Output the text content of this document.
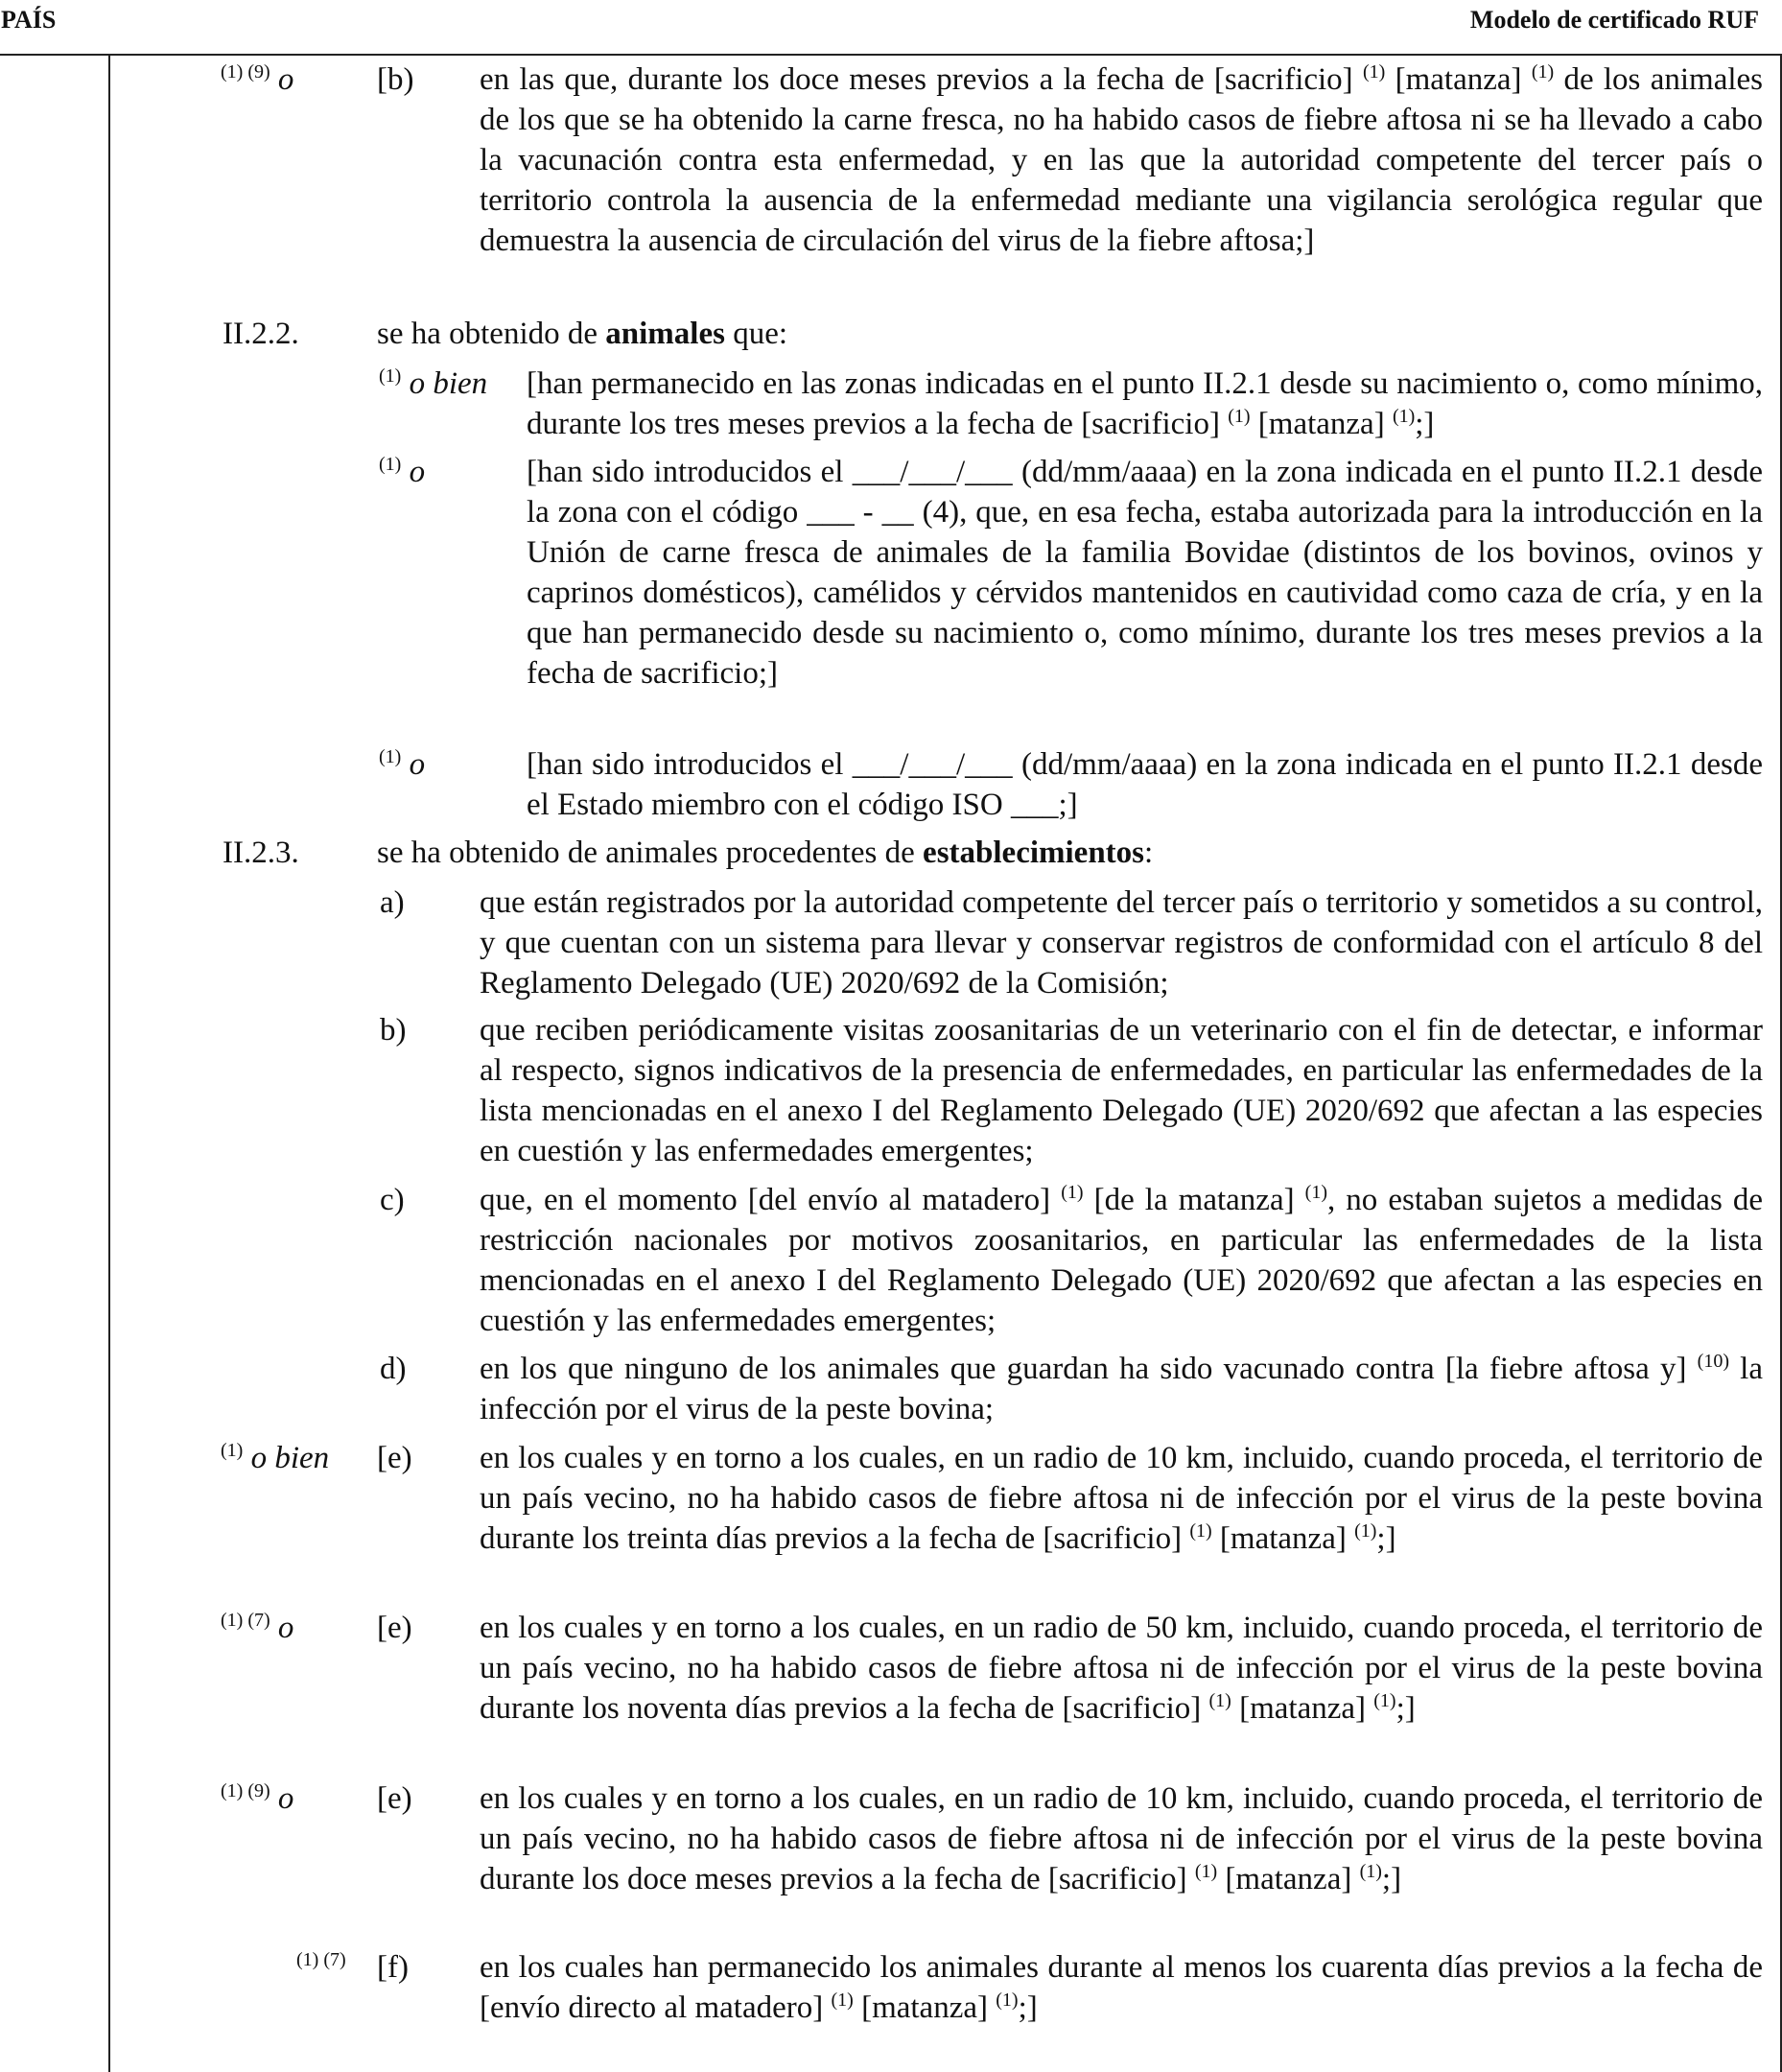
PAÍS	Modelo de certificado RUF
$^{(1) (9)}$ o	[b) en las que, durante los doce meses previos a la fecha de [sacrificio] $^{(1)}$ [matanza] $^{(1)}$ de los animales de los que se ha obtenido la carne fresca, no ha habido casos de fiebre aftosa ni se ha llevado a cabo la vacunación contra esta enfermedad, y en las que la autoridad competente del tercer país o territorio controla la ausencia de la enfermedad mediante una vigilancia serológica regular que demuestra la ausencia de circulación del virus de la fiebre aftosa;]
II.2.2. se ha obtenido de animales que:
$^{(1)}$ o bien [han permanecido en las zonas indicadas en el punto II.2.1 desde su nacimiento o, como mínimo, durante los tres meses previos a la fecha de [sacrificio] $^{(1)}$ [matanza] $^{(1)}$;]
$^{(1)}$ o	[han sido introducidos el ___/___/___ (dd/mm/aaaa) en la zona indicada en el punto II.2.1 desde la zona con el código ___ - __ (4), que, en esa fecha, estaba autorizada para la introducción en la Unión de carne fresca de animales de la familia Bovidae (distintos de los bovinos, ovinos y caprinos domésticos), camélidos y cérvidos mantenidos en cautividad como caza de cría, y en la que han permanecido desde su nacimiento o, como mínimo, durante los tres meses previos a la fecha de sacrificio;]
$^{(1)}$ o	[han sido introducidos el ___/___/___ (dd/mm/aaaa) en la zona indicada en el punto II.2.1 desde el Estado miembro con el código ISO ___;]
II.2.3. se ha obtenido de animales procedentes de establecimientos:
a) que están registrados por la autoridad competente del tercer país o territorio y sometidos a su control, y que cuentan con un sistema para llevar y conservar registros de conformidad con el artículo 8 del Reglamento Delegado (UE) 2020/692 de la Comisión;
b) que reciben periódicamente visitas zoosanitarias de un veterinario con el fin de detectar, e informar al respecto, signos indicativos de la presencia de enfermedades, en particular las enfermedades de la lista mencionadas en el anexo I del Reglamento Delegado (UE) 2020/692 que afectan a las especies en cuestión y las enfermedades emergentes;
c) que, en el momento [del envío al matadero] $^{(1)}$ [de la matanza] $^{(1)}$, no estaban sujetos a medidas de restricción nacionales por motivos zoosanitarios, en particular las enfermedades de la lista mencionadas en el anexo I del Reglamento Delegado (UE) 2020/692 que afectan a las especies en cuestión y las enfermedades emergentes;
d) en los que ninguno de los animales que guardan ha sido vacunado contra [la fiebre aftosa y] $^{(10)}$ la infección por el virus de la peste bovina;
$^{(1)}$ o bien [e) en los cuales y en torno a los cuales, en un radio de 10 km, incluido, cuando proceda, el territorio de un país vecino, no ha habido casos de fiebre aftosa ni de infección por el virus de la peste bovina durante los treinta días previos a la fecha de [sacrificio] $^{(1)}$ [matanza] $^{(1)}$;]
$^{(1) (7)}$ o	[e) en los cuales y en torno a los cuales, en un radio de 50 km, incluido, cuando proceda, el territorio de un país vecino, no ha habido casos de fiebre aftosa ni de infección por el virus de la peste bovina durante los noventa días previos a la fecha de [sacrificio] $^{(1)}$ [matanza] $^{(1)}$;]
$^{(1) (9)}$ o	[e) en los cuales y en torno a los cuales, en un radio de 10 km, incluido, cuando proceda, el territorio de un país vecino, no ha habido casos de fiebre aftosa ni de infección por el virus de la peste bovina durante los doce meses previos a la fecha de [sacrificio] $^{(1)}$ [matanza] $^{(1)}$;]
$^{(1) (7)}$ [f) en los cuales han permanecido los animales durante al menos los cuarenta días previos a la fecha de [envío directo al matadero] $^{(1)}$ [matanza] $^{(1)}$;]
